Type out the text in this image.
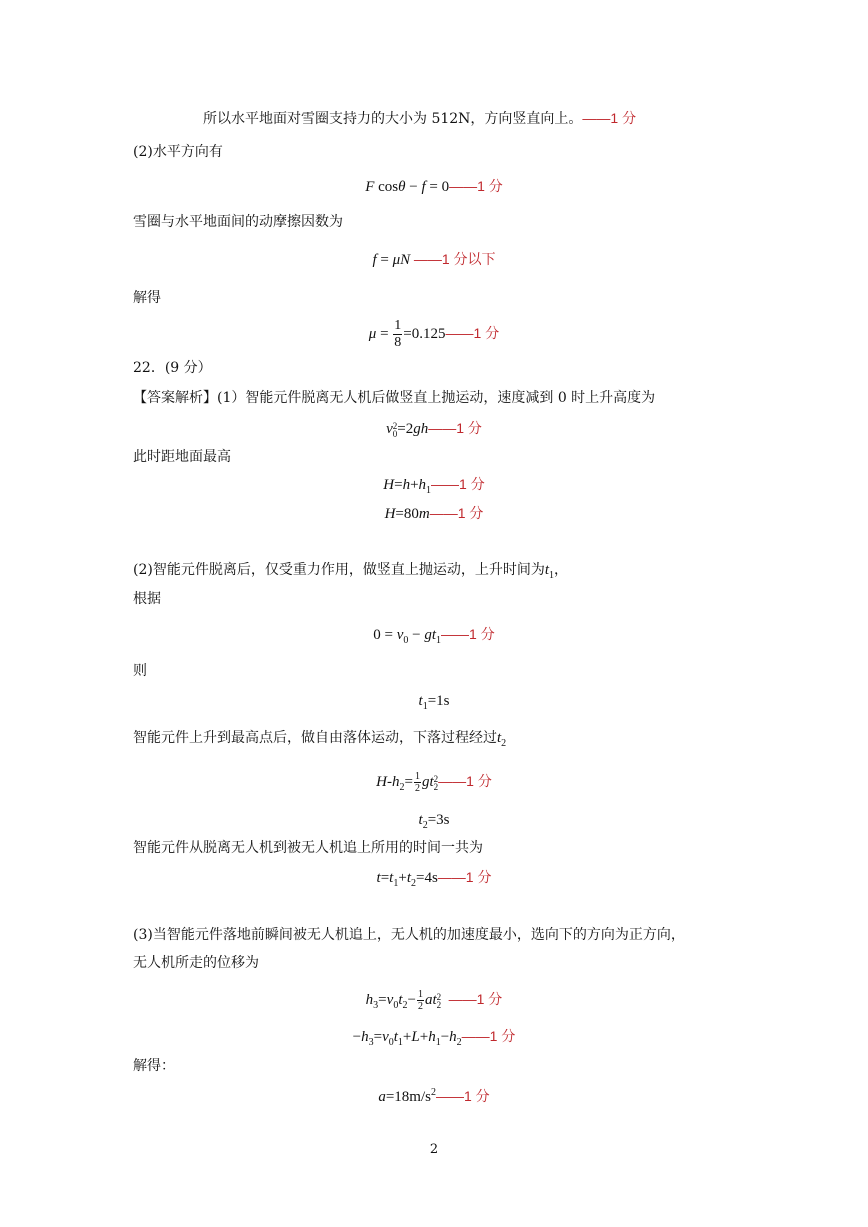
所以水平地面对雪圈支持力的大小为 512N，方向竖直向上。——1 分
(2)水平方向有
F cosθ − f = 0——1 分
雪圈与水平地面间的动摩擦因数为
f = μN ——1 分以下
解得
$\mu = \frac{1}{8}$ =0.125——1 分
22．(9 分）
【答案解析】(1）智能元件脱离无人机后做竖直上抛运动，速度减到 0 时上升高度为
v 2
0 =2gh——1 分
此时距地面最高
$H=h+h_1——1$ 分
H=80m——1 分
(2)智能元件脱离后，仅受重力作用，做竖直上抛运动，上升时间为$t_1$，
根据
$0 = v_0$ − $gt_1——1$ 分
则
$t_1=1s$
智能元件上升到最高点后，做自由落体运动，下落过程经过$t_2$
$H-h_2= \frac{1}{2}$ gt 2
2 ——1 分
$t_2=3s$
智能元件从脱离无人机到被无人机追上所用的时间一共为
$t=t_1+t_2=4s——1$ 分
(3)当智能元件落地前瞬间被无人机追上，无人机的加速度最小，选向下的方向为正方向，
无人机所走的位移为
$h_3=v_0t_2- \frac{1}{2}$ at 2
2 ——1 分
$-h_3=v_0t_1+L+h_1-h_2——1$ 分
解得：
$a=18m/s^2——1$ 分
2
